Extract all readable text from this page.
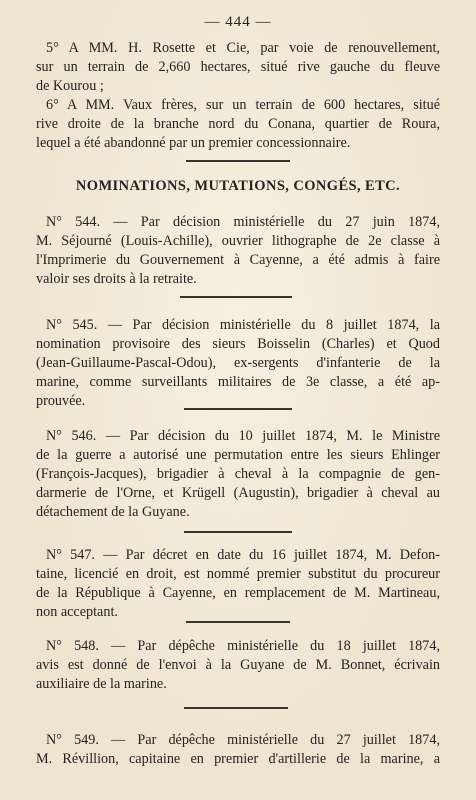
— 444 —
5° A MM. H. Rosette et Cie, par voie de renouvellement,
sur un terrain de 2,660 hectares, situé rive gauche du fleuve
de Kourou ;
6° A MM. Vaux frères, sur un terrain de 600 hectares, situé
rive droite de la branche nord du Conana, quartier de Roura,
lequel a été abandonné par un premier concessionnaire.
NOMINATIONS, MUTATIONS, CONGÉS, ETC.
N° 544. — Par décision ministérielle du 27 juin 1874,
M. Séjourné (Louis-Achille), ouvrier lithographe de 2e classe à
l'Imprimerie du Gouvernement à Cayenne, a été admis à faire
valoir ses droits à la retraite.
N° 545. — Par décision ministérielle du 8 juillet 1874, la
nomination provisoire des sieurs Boisselin (Charles) et Quod
(Jean-Guillaume-Pascal-Odou), ex-sergents d'infanterie de la
marine, comme surveillants militaires de 3e classe, a été ap-
prouvée.
N° 546. — Par décision du 10 juillet 1874, M. le Ministre
de la guerre a autorisé une permutation entre les sieurs Ehlinger
(François-Jacques), brigadier à cheval à la compagnie de gen-
darmerie de l'Orne, et Krügell (Augustin), brigadier à cheval au
détachement de la Guyane.
N° 547. — Par décret en date du 16 juillet 1874, M. Defon-
taine, licencié en droit, est nommé premier substitut du procureur
de la République à Cayenne, en remplacement de M. Martineau,
non acceptant.
N° 548. — Par dépêche ministérielle du 18 juillet 1874,
avis est donné de l'envoi à la Guyane de M. Bonnet, écrivain
auxiliaire de la marine.
N° 549. — Par dépêche ministérielle du 27 juillet 1874,
M. Révillion, capitaine en premier d'artillerie de la marine, a
